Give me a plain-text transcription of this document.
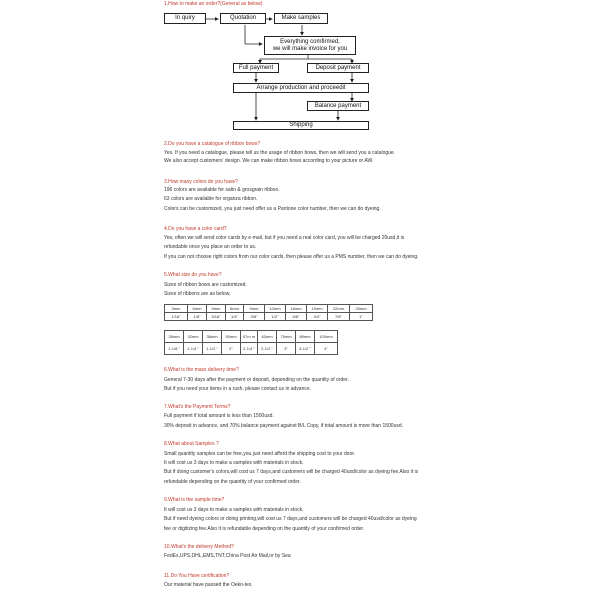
1.How to make an order?(General as below)
In quiry	Quotation	Make samples
Everything comfirmed,
we will make invoice for you
Full payment	Deposit payment
Arrange production and proceedit
Balance payment
Shipping
2.Do you have a catalogue of ribbon bows?
Yes. If you need a catalogue, please tell us the usage of ribbon bows, then we will send you a catalogue.
We also accept customers' design. We can make ribbon bows according to your picture or AW.
3.How many colors do you have?
196 colors are available for satin & grosgrain ribbon.
63 colors are available for organza ribbon.
Colors can be customized, you just need offer us a Pantone color number, then we can do dyeing.
4.Do you have a color card?
Yes, often we will send color cards by e-mail, but if you need a real color card, you will be charged 20usd,it is
refundable once you place an order to us.
If you can not choose right colors from our color cards, then please offer us a PMS number, then we can do dyeing.
5.What size do you have?
Sizes of ribbon bows are customized.
Sizes of ribbons are as below,
3mm	6mm	9mm	6mm	9mm	10mm	16mm	19mm	22mm	25mm
1/16"	1/8"	3/16"	1/4"	3/8"	1/2"	5/8"	3/4"	7/8"	1"
28mm	32mm	38mm	50mm	57m m	63mm	75mm	89mm	100mm
1-1/8 "	1-1/4 "	1-1/2 "	2"	2-1/4 "	2-1/2 "	3"	3-1/2 "	4"
6.What is the mass delivery time?
General 7-30 days after the payment or deposit, depending on the quantity of order.
But if you need your items in a rush, please contact us in advance.
7.What's the Payment Terms?
Full payment if total amount is less than 1500usd.
30% deposit in advance, and 70% balance payment against B/L Copy, if total amount is more than 1500usd.
8.What about Samples ?
Small quantity samples can be free,you just need afford the shipping cost to your door.
It will cost us 3 days to make a samples with materials in stock.
But if doing customer's colors,will cost us 7 days,and customers will be charged 40usd/color as dyeing fee.Also it is
refundable depending on the quantity of your confirmed order.
9.What is the sample time?
It will cost us 3 days to make a samples with materials in stock.
But if need dyeing colors or doing printing,will cost us 7 days,and customers will be charged 40usd/color as dyeing
fee or digitizing fee.Also it is refundable depending on the quantity of your confirmed order.
10.What's the delivery Method?
FedEx,UPS,DHL,EMS,TNT,China Post Air Mail,or by Sea
11.Do You Have certification?
Our material have passed the Oeko-tex.
